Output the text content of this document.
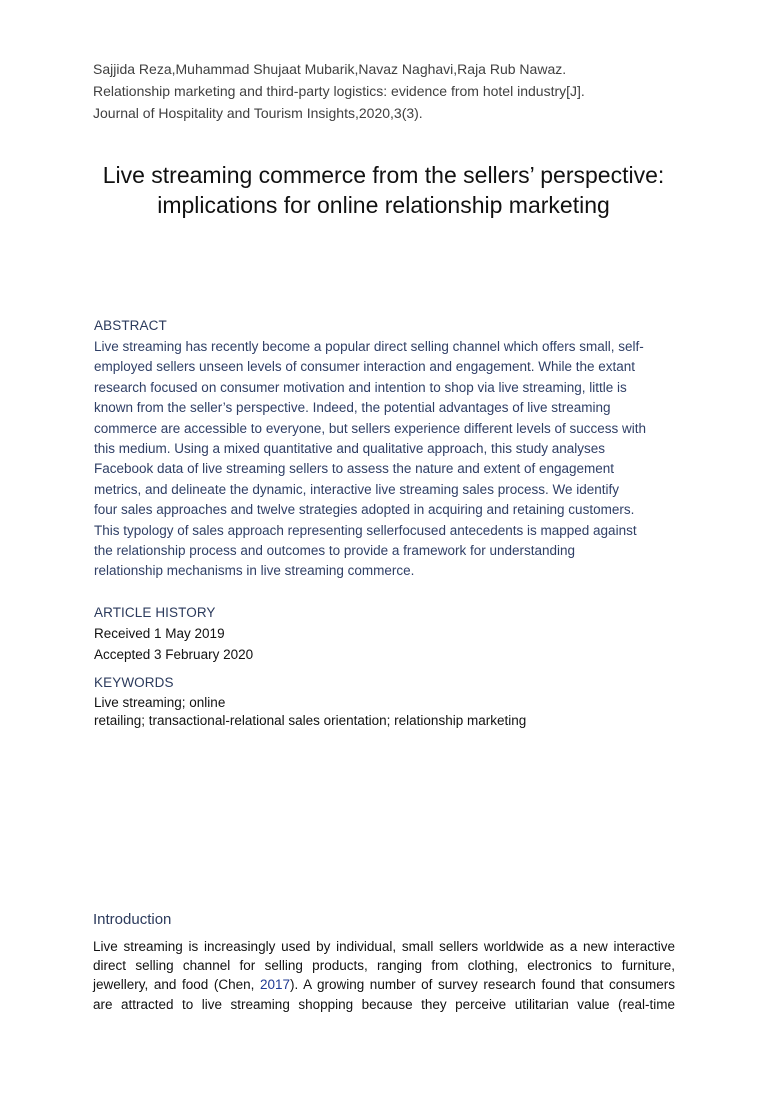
Sajjida Reza,Muhammad Shujaat Mubarik,Navaz Naghavi,Raja Rub Nawaz.
Relationship marketing and third-party logistics: evidence from hotel industry[J].
Journal of Hospitality and Tourism Insights,2020,3(3).
Live streaming commerce from the sellers’ perspective:
implications for online relationship marketing
ABSTRACT
Live streaming has recently become a popular direct selling channel which offers small, self-
employed sellers unseen levels of consumer interaction and engagement. While the extant
research focused on consumer motivation and intention to shop via live streaming, little is
known from the seller’s perspective. Indeed, the potential advantages of live streaming
commerce are accessible to everyone, but sellers experience different levels of success with
this medium. Using a mixed quantitative and qualitative approach, this study analyses
Facebook data of live streaming sellers to assess the nature and extent of engagement
metrics, and delineate the dynamic, interactive live streaming sales process. We identify
four sales approaches and twelve strategies adopted in acquiring and retaining customers.
This typology of sales approach representing sellerfocused antecedents is mapped against
the relationship process and outcomes to provide a framework for understanding
relationship mechanisms in live streaming commerce.
ARTICLE HISTORY
Received 1 May 2019
Accepted 3 February 2020
KEYWORDS
Live streaming; online
retailing; transactional-relational sales orientation; relationship marketing
Introduction
Live streaming is increasingly used by individual, small sellers worldwide as a new interactive
direct selling channel for selling products, ranging from clothing, electronics to furniture,
jewellery, and food (Chen, 2017). A growing number of survey research found that consumers
are attracted to live streaming shopping because they perceive utilitarian value (real-time
